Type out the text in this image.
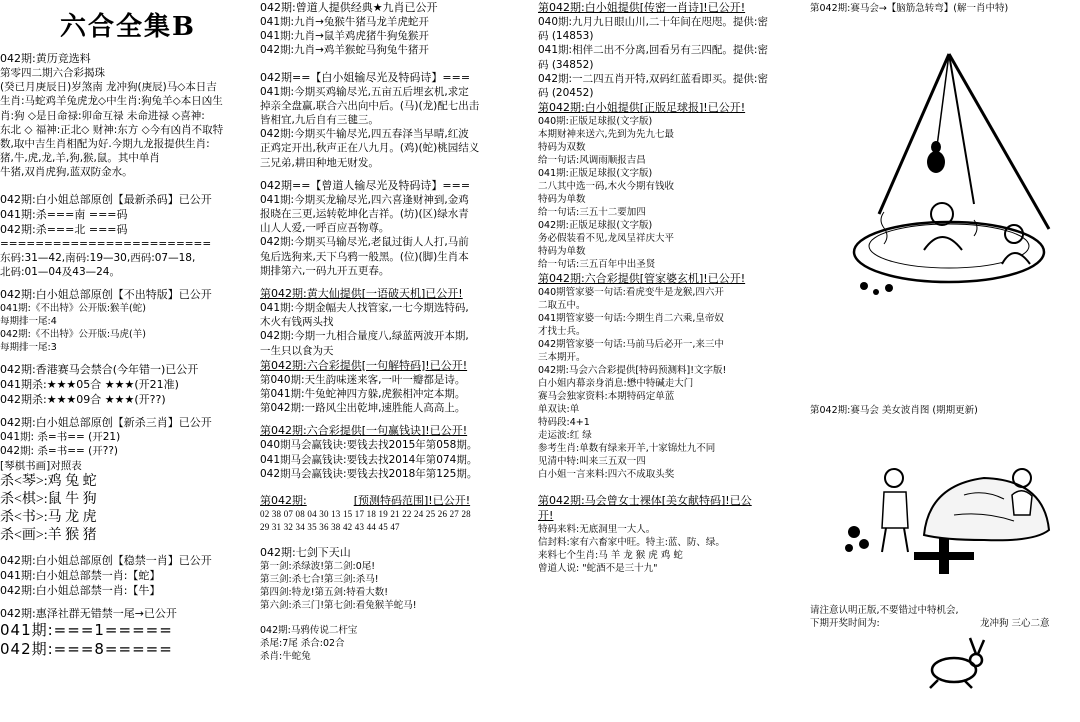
六合全集B
042期:黄历竞选料
第零四二期六合彩揭珠
(癸已月庚辰日)岁煞南 龙冲狗(庚辰)马◇本日吉
生肖:马蛇鸡羊兔虎龙◇中生肖:狗兔羊◇本日凶生
肖:狗 ◇是日命禄:卯命互禄 未命进禄 ◇喜神:
东北 ◇ 福神:正北◇ 财神:东方 ◇今有凶肖不取特
数,取中吉生肖相配为好.今期九龙报提供生肖:
猪,牛,虎,龙,羊,狗,猴,鼠。其中单肖
牛猪,双肖虎狗,蓝双防金水。
042期:白小姐总部原创【最新杀码】已公开
041期:杀===南 ===码
042期:杀===北 ===码
========================
东码:31—42,南码:19—30,西码:07—18,
北码:01—04及43—24。
042期:白小姐总部原创【不出特版】已公开
041期:《不出特》公开版:猴羊(蛇)
每期排一尾:4
042期:《不出特》公开版:马虎(羊)
每期排一尾:3
042期:香港赛马会禁合(今年错一)已公开
041期杀:★★★05合 ★★★(开21准)
042期杀:★★★09合 ★★★(开??)
042期:白小姐总部原创【新杀三肖】已公开
041期: 杀=书== (开21)
042期: 杀=书== (开??)
[琴棋书画]对照表
杀<琴>:鸡 兔 蛇
杀<棋>:鼠 牛 狗
杀<书>:马 龙 虎
杀<画>:羊 猴 猪
042期:白小姐总部原创【稳禁一肖】已公开
041期:白小姐总部禁一肖:【蛇】
042期:白小姐总部禁一肖:【牛】
042期:惠泽社群无错禁一尾→已公开
041期:===1=====
042期:===8=====
042期:曾道人提供经典★九肖已公开
041期:九肖→兔猴牛猪马龙羊虎蛇开
041期:九肖→鼠羊鸡虎猪牛狗兔猴开
042期:九肖→鸡羊猴蛇马狗兔牛猪开
042期==【白小姐输尽光及特码诗】===
041期:今期买鸡输尽光,五亩五后埋玄机,求定
掉亲全盘赢,联合六出向中后。(马)(龙)配七出击
皆相宜,九后自有三毽三。
042期:今期买牛输尽光,四五春泽当早晴,红波
正鸡定开出,秋声正在八九月。(鸡)(蛇)桃园结义
三兄弟,耕田种地无财发。
042期==【曾道人输尽光及特码诗】===
041期:今期买龙输尽光,四六喜逢财神到,金鸡
报晓在三更,运转乾坤化吉祥。(坊)(区)绿水青
山人人爱,一呼百应吾物尊。
042期:今期买马输尽光,老鼠过街人人打,马前
兔后选狗来,天下乌鸦一般黑。(位)(脚)生肖本
期排第六,一码九开五更春。
第042期:黄大仙提供[一语破天机]已公开!
041期:今期金幅夫人找管家,一七今期选特码,
木火有钱两头找
042期:今期一九相合量度八,绿蓝两波开本期,
一生只以食为天
第042期:六合彩提供[一句解特码]!已公开!
第040期:天生韵味迷来客,一叶一瓣都是诗。
第041期:牛兔蛇神四方躲,虎猴相冲定本期。
第042期:一路风尘出乾坤,速胜能人高高上。
第042期:六合彩提供[一句赢钱诀]!已公开!
040期马会赢钱诀:要钱去找2015年第058期。
041期马会赢钱诀:要钱去找2014年第074期。
042期马会赢钱诀:要钱去找2018年第125期。
第042期:	[预测特码范围]!已公开!
02 38 07 08 04 30 13 15 17 18 19 21 22 24 25 26 27 28
29 31 32 34 35 36 38 42 43 44 45 47
042期:七剑下天山
第一剑:杀绿波!第二剑:0尾!
第三剑:杀七合!第三剑:杀马!
第四剑:特龙!第五剑:特看大数!
第六剑:杀三门!第七剑:看兔猴羊蛇马!
042期:马鸦传说二杆宝
杀尾:7尾 杀合:02合
杀肖:牛蛇兔
第042期:白小姐提供[传密一肖诗]!已公开!
040期:九月九日眼山川,二十年间在咫咫。提供:密
码 (14853)
041期:相伴二出不分离,回看另有三四配。提供:密
码 (34852)
042期:一二四五肖开特,双码红蓝看即买。提供:密
码 (20452)
第042期:白小姐提供[正版足球报]!已公开!
040期:正版足球报(文字版)
本期财神来送六,先到为先九七最
特码为双数
给一句话:风调雨顺报吉昌
041期:正版足球报(文字版)
二八其中选一码,木火今期有钱收
特码为单数
给一句话:三五十二要加四
042期:正版足球报(文字版)
务必假装看不见,龙凤呈祥庆大平
特码为单数
给一句话:三五百年中出圣贤
第042期:六合彩提供[管家婆玄机]!已公开!
040期管家婆一句话:看虎变牛是龙猴,四六开
二取五中。
041期管家婆一句话:今期生肖二六乘,皇帝奴
才找士兵。
042期管家婆一句话:马前马后必开一,来三中
三本期开。
042期:马会六合彩提供[特码预测料]!文字版!
白小姐内幕亲身消息:懋中特碱走大门
赛马会独家资料:本期特码定单蓝
单双诀:单
特码段:4+1
走运波:红 绿
参考生肖:单数有绿来开羊,十家锦灶九不同
见清中特:叫来三五双一四
白小姐一言来料:四六不成取头奖
第042期:马会曾女士裸体[美女献特码]!已公
开!
特码来料:无底洞里一大人。
信封料:家有六畜家中旺。特主:蓝、防、绿。
来料七个生肖:马 羊 龙 猴 虎 鸡 蛇
曾道人说: "蛇酒不是三十九"
第042期:赛马会→【脑筋急转弯】(解一肖中特)
第042期:赛马会 美女波肖图 (期期更新)
请注意认明正版,不要错过中特机会,
下期开奖时间为:	龙冲狗 三心二意
